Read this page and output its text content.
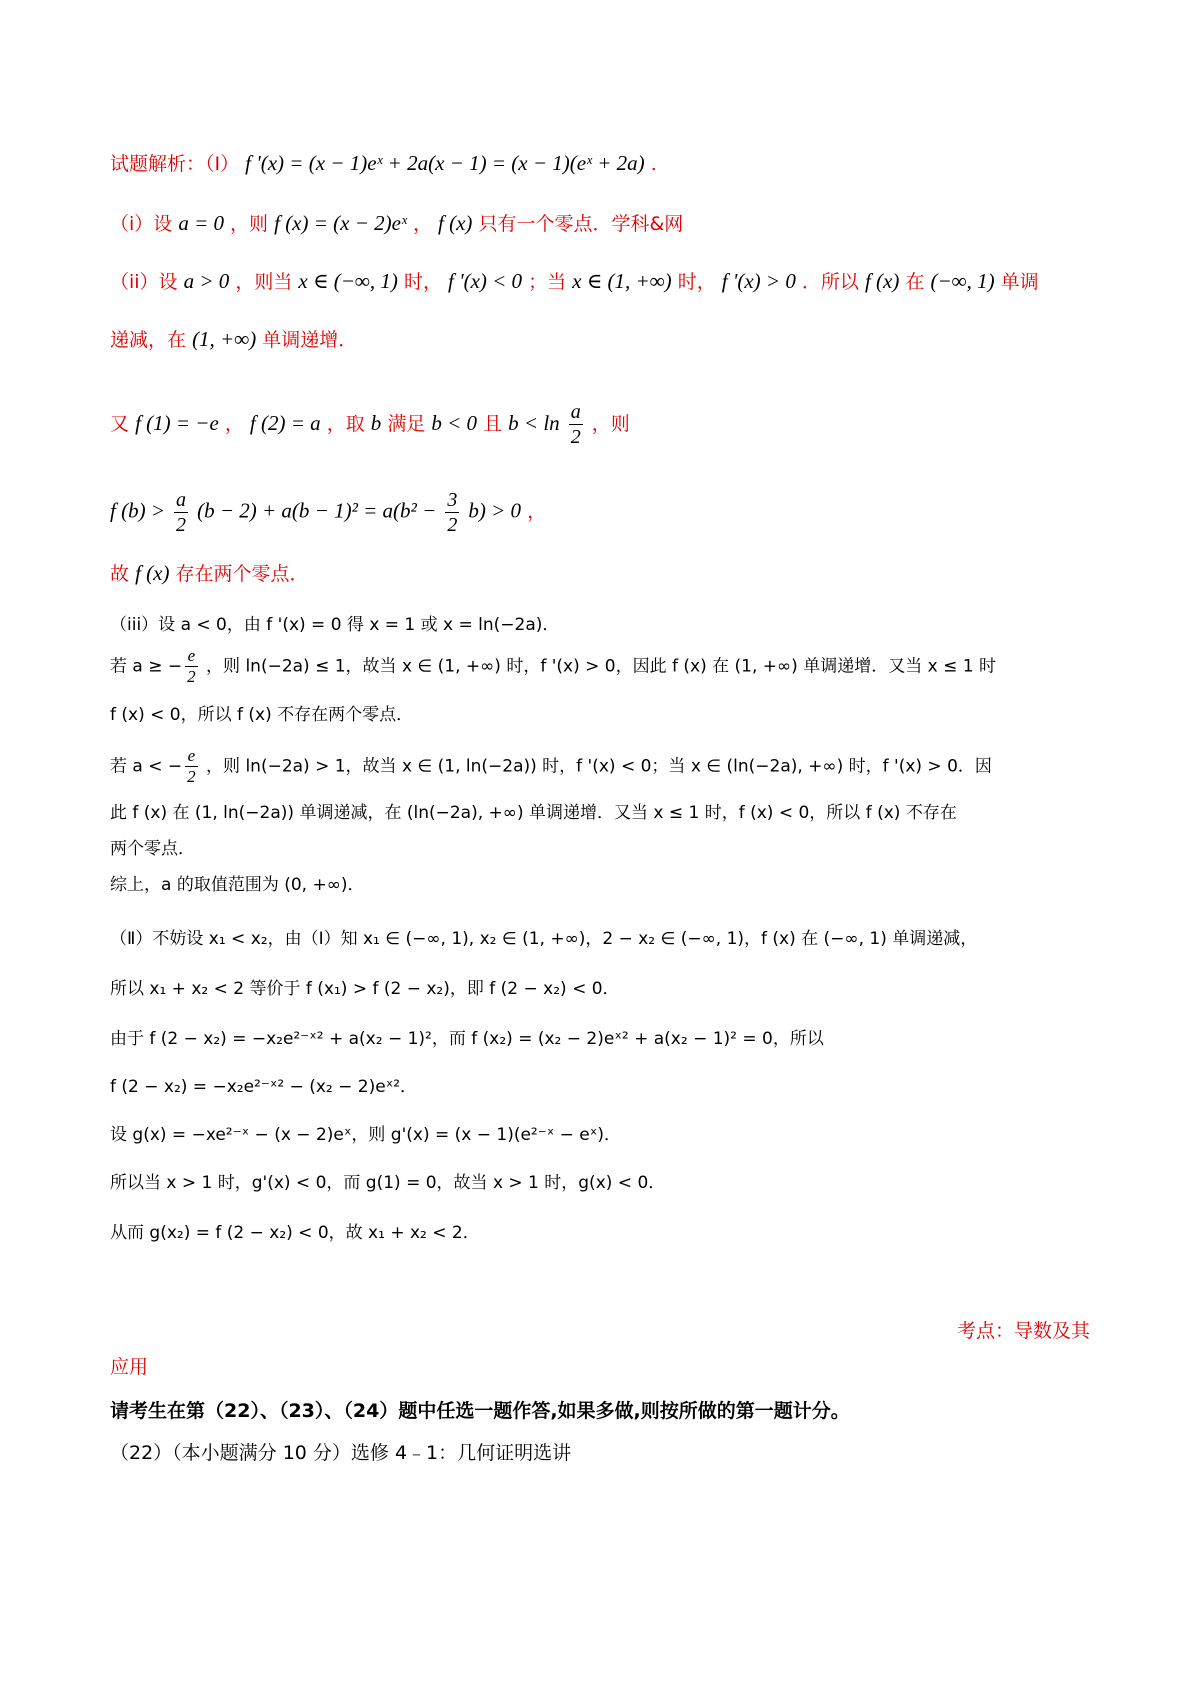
试题解析：（Ⅰ） f '(x) = (x − 1)eˣ + 2a(x − 1) = (x − 1)(eˣ + 2a) .
（i）设 a = 0 ，则 f (x) = (x − 2)eˣ ， f (x) 只有一个零点．学科&网
（ii）设 a > 0 ，则当 x ∈ (−∞, 1) 时， f '(x) < 0 ；当 x ∈ (1, +∞) 时， f '(x) > 0 ．所以 f (x) 在 (−∞, 1) 单调
递减，在 (1, +∞) 单调递增．
又 f (1) = −e ， f (2) = a ，取 b 满足 b < 0 且 $b < \ln \frac{a}{2}$ ，则
f $(b) > \frac{a}{2} (b - 2) + a(b - 1)^2 = a(b^2 - \frac{3}{2} b) > 0$ ，
故 f (x) 存在两个零点．
（iii）设 a < 0，由 f '(x) = 0 得 x = 1 或 x = ln(−2a)．
若 a ≥ − $\frac{e}{2}$ ，则 ln(−2a) ≤ 1，故当 x ∈ (1, +∞) 时，f '(x) > 0，因此 f (x) 在 (1, +∞) 单调递增．又当 x ≤ 1 时
f (x) < 0，所以 f (x) 不存在两个零点．
若 a < − $\frac{e}{2}$ ，则 ln(−2a) > 1，故当 x ∈ (1, ln(−2a)) 时，f '(x) < 0；当 x ∈ (ln(−2a), +∞) 时，f '(x) > 0．因
此 f (x) 在 (1, ln(−2a)) 单调递减，在 (ln(−2a), +∞) 单调递增．又当 x ≤ 1 时，f (x) < 0，所以 f (x) 不存在
两个零点．
综上，a 的取值范围为 (0, +∞)．
（Ⅱ）不妨设 x₁ < x₂，由（Ⅰ）知 x₁ ∈ (−∞, 1), x₂ ∈ (1, +∞)，2 − x₂ ∈ (−∞, 1)，f (x) 在 (−∞, 1) 单调递减，
所以 x₁ + x₂ < 2 等价于 f (x₁) > f (2 − x₂)，即 f (2 − x₂) < 0．
由于 f (2 − x₂) = −x₂e²⁻ˣ² + a(x₂ − 1)²，而 f (x₂) = (x₂ − 2)eˣ² + a(x₂ − 1)² = 0，所以
f (2 − x₂) = −x₂e²⁻ˣ² − (x₂ − 2)eˣ²．
设 g(x) = −xe²⁻ˣ − (x − 2)eˣ，则 g'(x) = (x − 1)(e²⁻ˣ − eˣ)．
所以当 x > 1 时，g'(x) < 0，而 g(1) = 0，故当 x > 1 时，g(x) < 0．
从而 g(x₂) = f (2 − x₂) < 0，故 x₁ + x₂ < 2．
考点：导数及其
应用
请考生在第（22）、（23）、（24）题中任选一题作答,如果多做,则按所做的第一题计分。
（22）（本小题满分 10 分）选修 4﹣1：几何证明选讲
